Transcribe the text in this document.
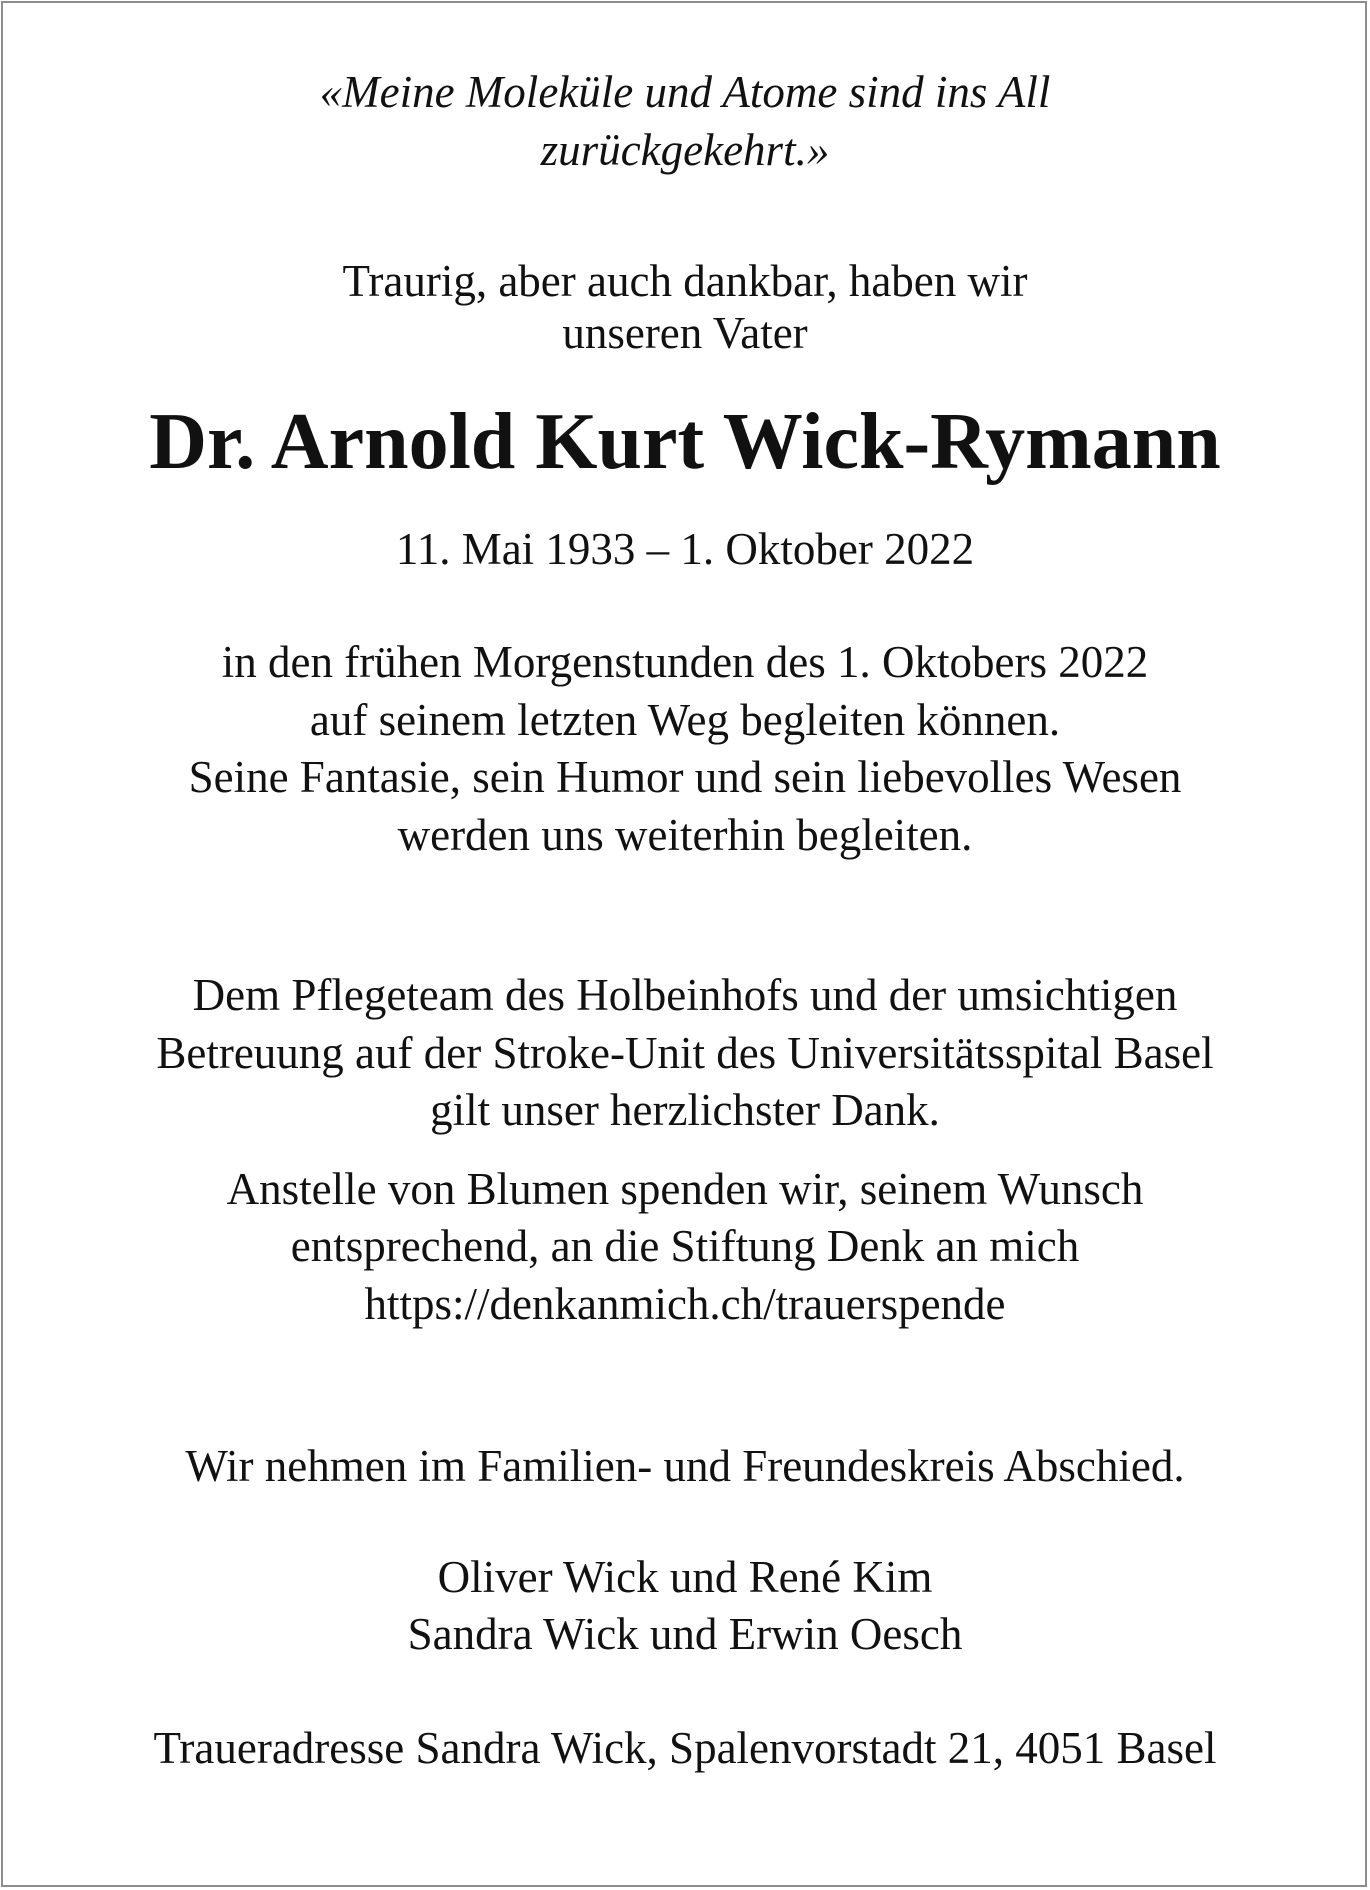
«Meine Moleküle und Atome sind ins All
zurückgekehrt.»
Traurig, aber auch dankbar, haben wir
unseren Vater
Dr. Arnold Kurt Wick-Rymann
11. Mai 1933 – 1. Oktober 2022
in den frühen Morgenstunden des 1. Oktobers 2022
auf seinem letzten Weg begleiten können.
Seine Fantasie, sein Humor und sein liebevolles Wesen
werden uns weiterhin begleiten.
Dem Pflegeteam des Holbeinhofs und der umsichtigen
Betreuung auf der Stroke-Unit des Universitätsspital Basel
gilt unser herzlichster Dank.
Anstelle von Blumen spenden wir, seinem Wunsch
entsprechend, an die Stiftung Denk an mich
https://denkanmich.ch/trauerspende
Wir nehmen im Familien- und Freundeskreis Abschied.
Oliver Wick und René Kim
Sandra Wick und Erwin Oesch
Traueradresse Sandra Wick, Spalenvorstadt 21, 4051 Basel
